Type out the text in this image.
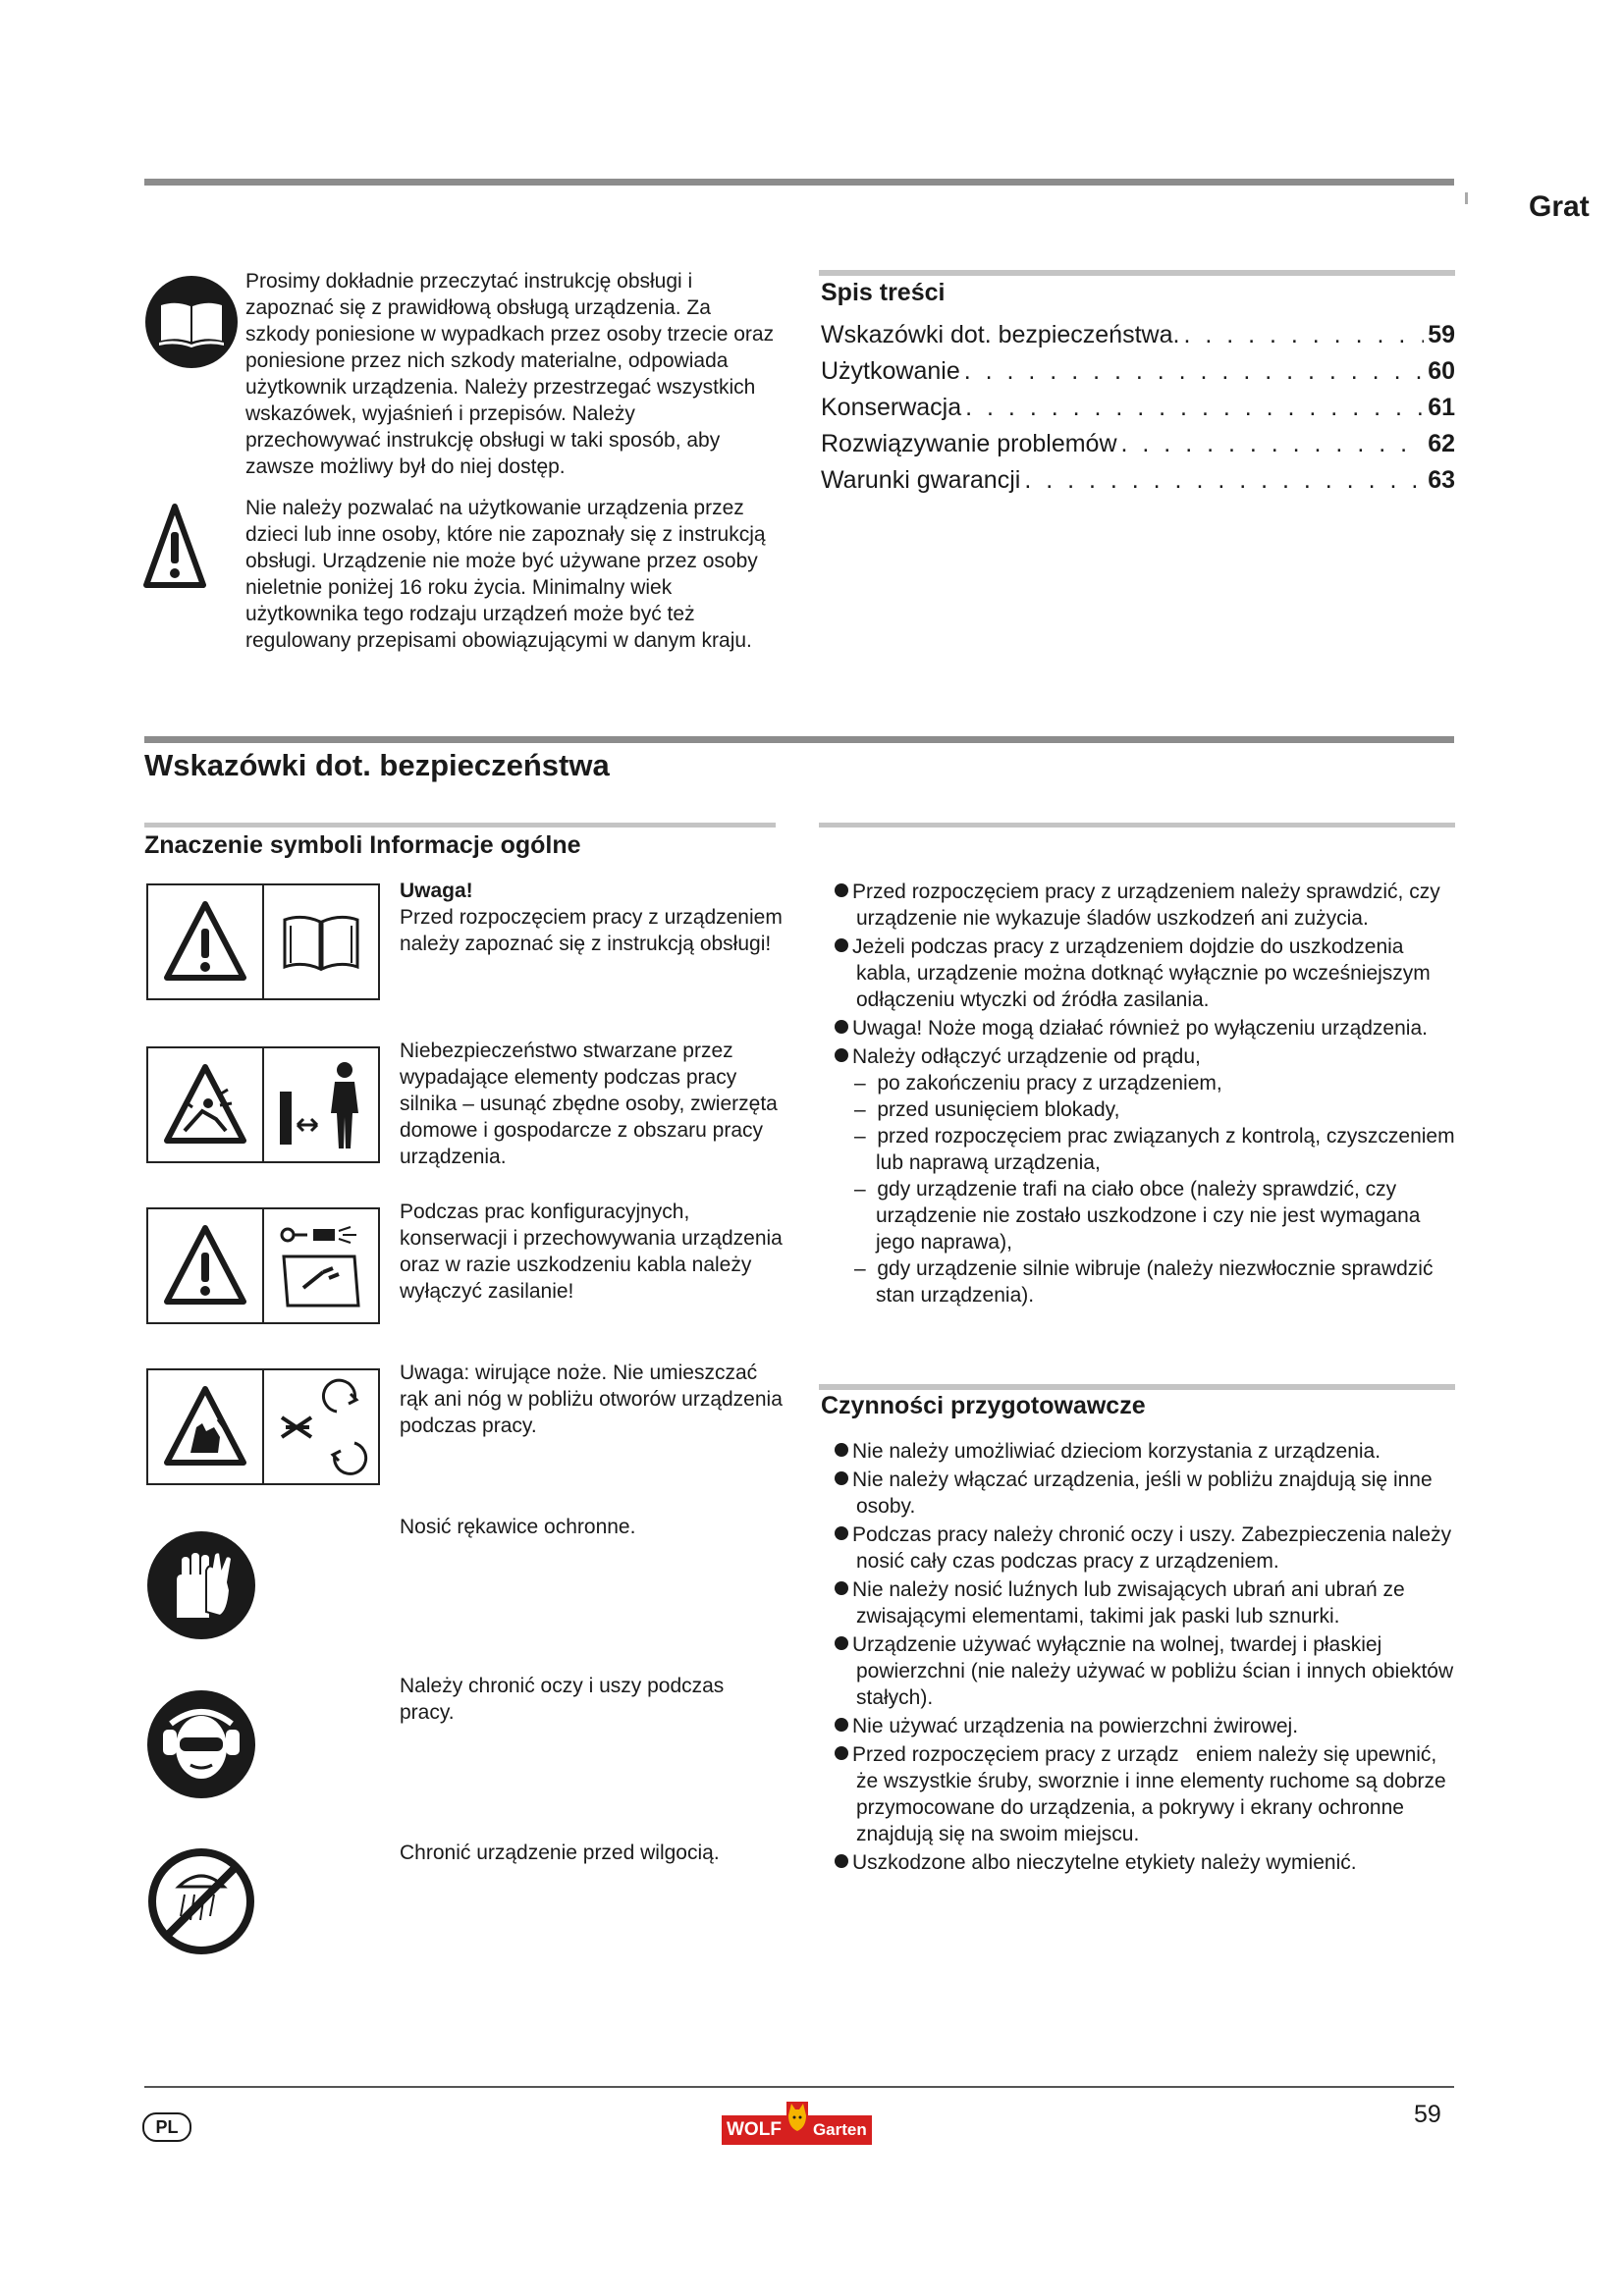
Grat

Prosimy dokładnie przeczytać instrukcję obsługi i zapoznać się z prawidłową obsługą urządzenia. Za szkody poniesione w wypadkach przez osoby trzecie oraz poniesione przez nich szkody materialne, odpowiada użytkownik urządzenia. Należy przestrzegać wszystkich wskazówek, wyjaśnień i przepisów. Należy przechowywać instrukcję obsługi w taki sposób, aby zawsze możliwy był do niej dostęp.

Nie należy pozwalać na użytkowanie urządzenia przez dzieci lub inne osoby, które nie zapoznały się z instrukcją obsługi. Urządzenie nie może być używane przez osoby nieletnie poniżej 16 roku życia. Minimalny wiek użytkownika tego rodzaju urządzeń może być też regulowany przepisami obowiązującymi w danym kraju.

Spis treści
Wskazówki dot. bezpieczeństwa. . . .	59
Użytkowanie . . .	60
Konserwacja . . .	61
Rozwiązywanie problemów . . .	62
Warunki gwarancji . . .	63
Wskazówki dot. bezpieczeństwa
Znaczenie symboli Informacje ogólne
Uwaga!
Przed rozpoczęciem pracy z urządzeniem należy zapoznać się z instrukcją obsługi!
Niebezpieczeństwo stwarzane przez wypadające elementy podczas pracy silnika – usunąć zbędne osoby, zwierzęta domowe i gospodarcze z obszaru pracy urządzenia.
Podczas prac konfiguracyjnych, konserwacji i przechowywania urządzenia oraz w razie uszkodzeniu kabla należy wyłączyć zasilanie!
Uwaga: wirujące noże. Nie umieszczać rąk ani nóg w pobliżu otworów urządzenia podczas pracy.
Nosić rękawice ochronne.
Należy chronić oczy i uszy podczas pracy.
Chronić urządzenie przed wilgocią.
Przed rozpoczęciem pracy z urządzeniem należy sprawdzić, czy urządzenie nie wykazuje śladów uszkodzeń ani zużycia.
Jeżeli podczas pracy z urządzeniem dojdzie do uszkodzenia kabla, urządzenie można dotknąć wyłącznie po wcześniejszym odłączeniu wtyczki od źródła zasilania.
Uwaga! Noże mogą działać również po wyłączeniu urządzenia.
Należy odłączyć urządzenie od prądu,
–  po zakończeniu pracy z urządzeniem,
–  przed usunięciem blokady,
–  przed rozpoczęciem prac związanych z kontrolą, czyszczeniem lub naprawą urządzenia,
–  gdy urządzenie trafi na ciało obce (należy sprawdzić, czy urządzenie nie zostało uszkodzone i czy nie jest wymagana jego naprawa),
–  gdy urządzenie silnie wibruje (należy niezwłocznie sprawdzić stan urządzenia).
Czynności przygotowawcze
Nie należy umożliwiać dzieciom korzystania z urządzenia.
Nie należy włączać urządzenia, jeśli w pobliżu znajdują się inne osoby.
Podczas pracy należy chronić oczy i uszy. Zabezpieczenia należy nosić cały czas podczas pracy z urządzeniem.
Nie należy nosić luźnych lub zwisających ubrań ani ubrań ze zwisającymi elementami, takimi jak paski lub sznurki.
Urządzenie używać wyłącznie na wolnej, twardej i płaskiej powierzchni (nie należy używać w pobliżu ścian i innych obiektów stałych).
Nie używać urządzenia na powierzchni żwirowej.
Przed rozpoczęciem pracy z urządz   eniem należy się upewnić, że wszystkie śruby, sworznie i inne elementy ruchome są dobrze przymocowane do urządzenia, a pokrywy i ekrany ochronne znajdują się na swoim miejscu.
Uszkodzone albo nieczytelne etykiety należy wymienić.
PL	WOLF Garten
59
